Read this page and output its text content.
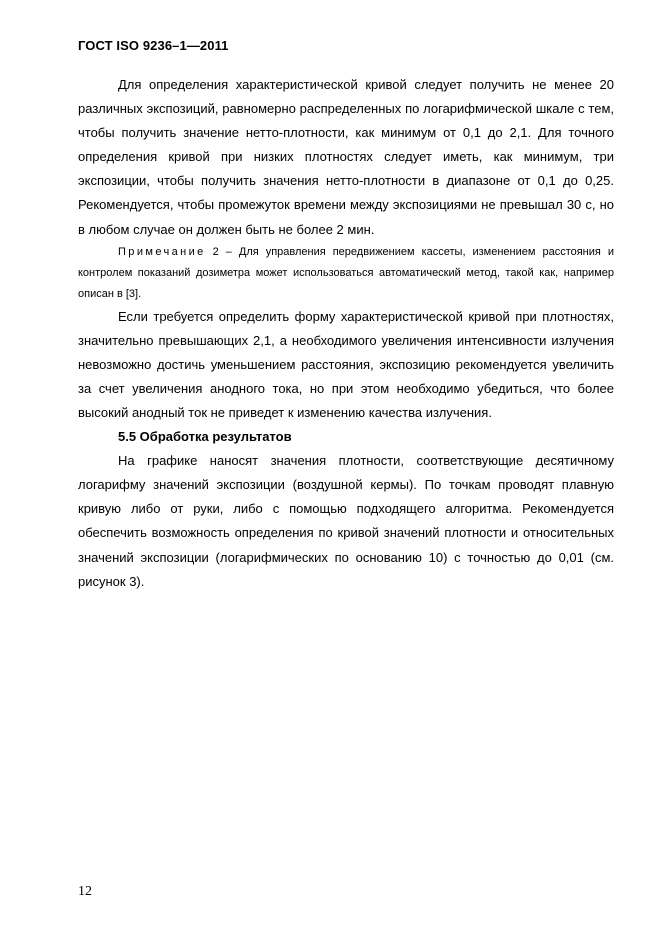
ГОСТ ISO 9236–1—2011

Для определения характеристической кривой следует получить не менее 20 различных экспозиций, равномерно распределенных по логарифмической шкале с тем, чтобы получить значение нетто-плотности, как минимум от 0,1 до 2,1. Для точного определения кривой при низких плотностях следует иметь, как минимум, три экспозиции, чтобы получить значения нетто-плотности в диапазоне от 0,1 до 0,25. Рекомендуется, чтобы промежуток времени между экспозициями не превышал 30 с, но в любом случае он должен быть не более 2 мин.

Примечание 2 – Для управления передвижением кассеты, изменением расстояния и контролем показаний дозиметра может использоваться автоматический метод, такой как, например описан в [3].

Если требуется определить форму характеристической кривой при плотностях, значительно превышающих 2,1, а необходимого увеличения интенсивности излучения невозможно достичь уменьшением расстояния, экспозицию рекомендуется увеличить за счет увеличения анодного тока, но при этом необходимо убедиться, что более высокий анодный ток не приведет к изменению качества излучения.

5.5 Обработка результатов

На графике наносят значения плотности, соответствующие десятичному логарифму значений экспозиции (воздушной кермы). По точкам проводят плавную кривую либо от руки, либо с помощью подходящего алгоритма. Рекомендуется обеспечить возможность определения по кривой значений плотности и относительных значений экспозиции (логарифмических по основанию 10) с точностью до 0,01 (см. рисунок 3).

12
